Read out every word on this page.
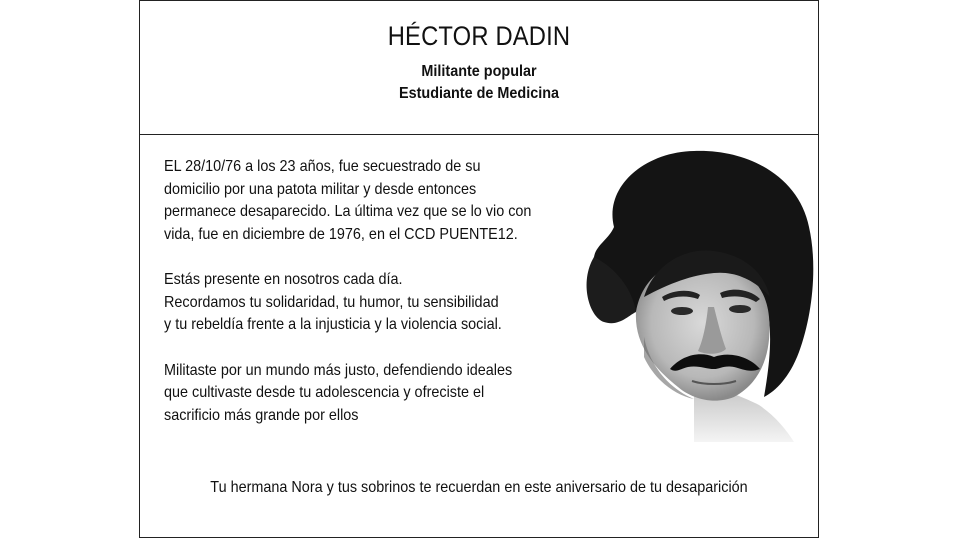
HÉCTOR DADIN
Militante popular
Estudiante de Medicina

EL 28/10/76 a los 23 años, fue secuestrado de su
domicilio por una patota militar y desde entonces
permanece desaparecido. La última vez que se lo vio con
vida, fue en diciembre de 1976, en el CCD PUENTE12.

Estás presente en nosotros cada día.
Recordamos tu solidaridad, tu humor, tu sensibilidad
y tu rebeldía frente a la injusticia y la violencia social.

Militaste por un mundo más justo, defendiendo ideales
que cultivaste desde tu adolescencia y ofreciste el
sacrificio más grande por ellos

Tu hermana Nora y tus sobrinos te recuerdan en este aniversario de tu desaparición
